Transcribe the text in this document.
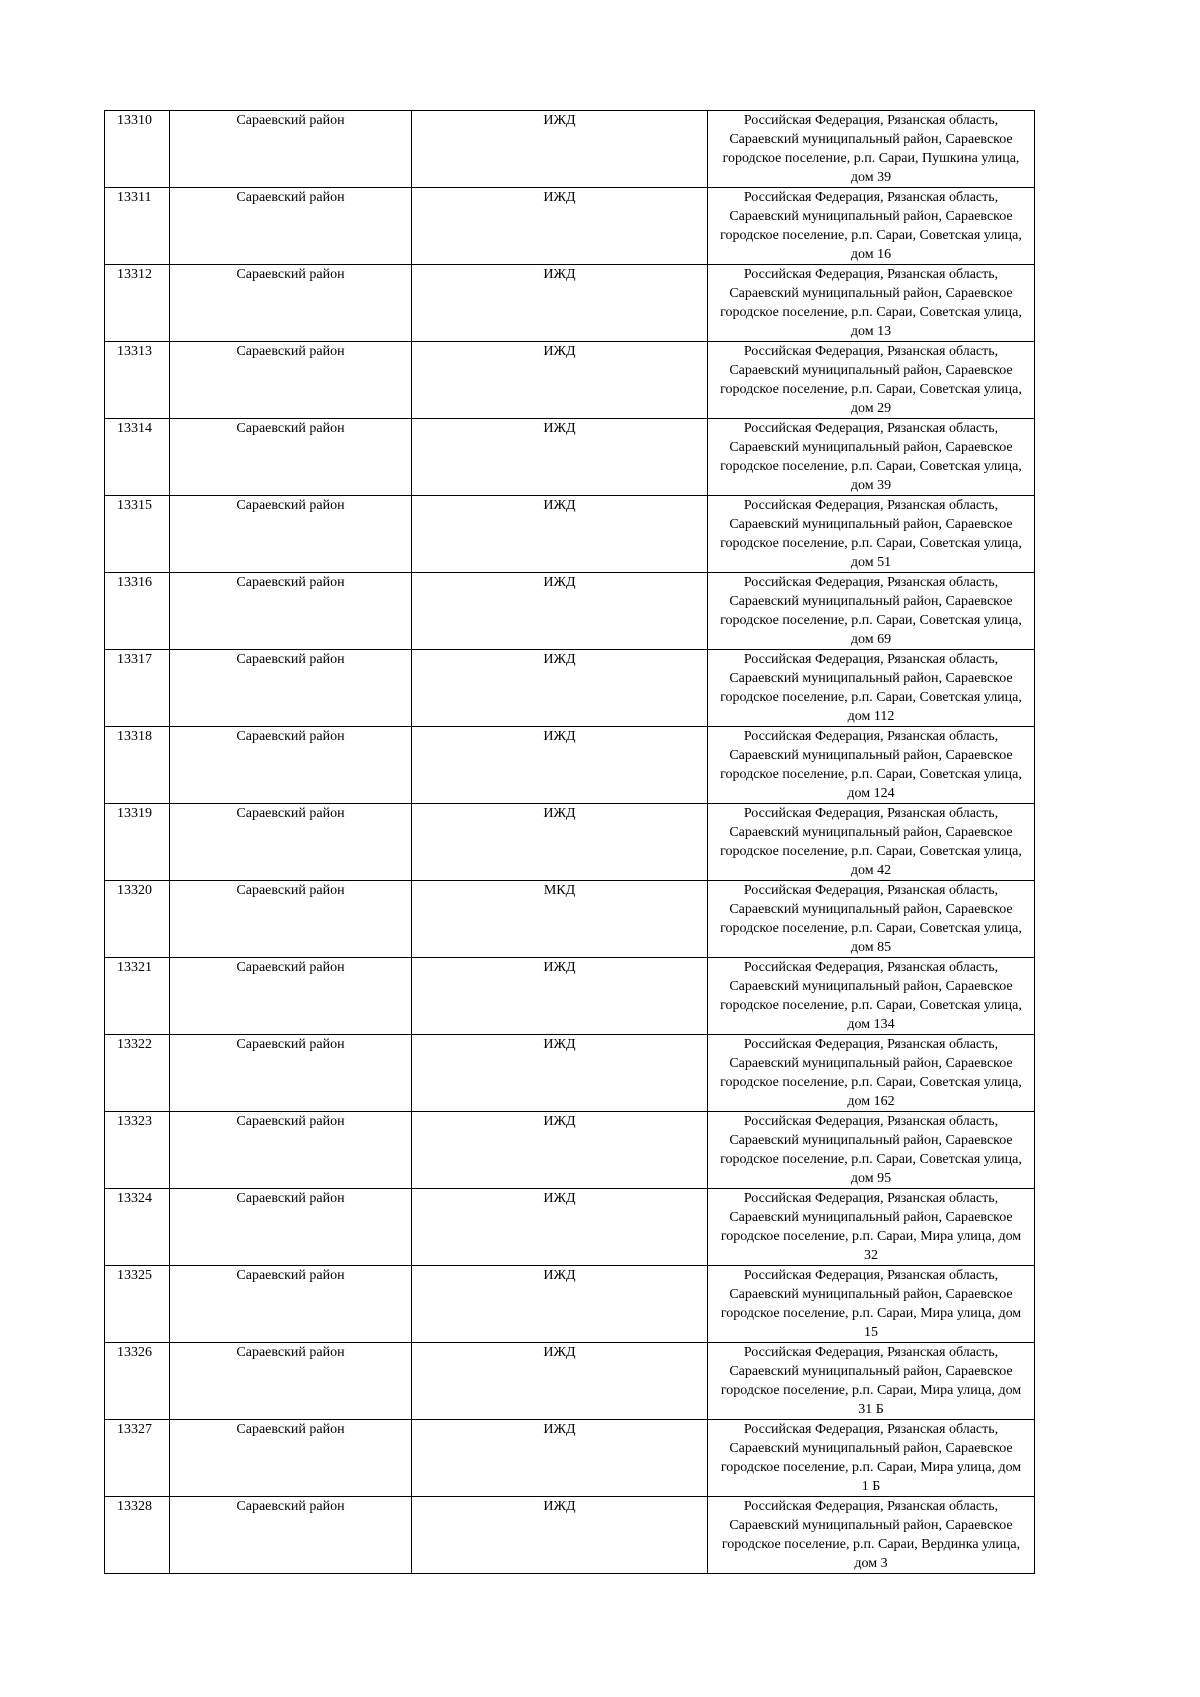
13310	Сараевский район	ИЖД	Российская Федерация, Рязанская область, Сараевский муниципальный район, Сараевское городское поселение, р.п. Сараи, Пушкина улица, дом 39
13311	Сараевский район	ИЖД	Российская Федерация, Рязанская область, Сараевский муниципальный район, Сараевское городское поселение, р.п. Сараи, Советская улица, дом 16
13312	Сараевский район	ИЖД	Российская Федерация, Рязанская область, Сараевский муниципальный район, Сараевское городское поселение, р.п. Сараи, Советская улица, дом 13
13313	Сараевский район	ИЖД	Российская Федерация, Рязанская область, Сараевский муниципальный район, Сараевское городское поселение, р.п. Сараи, Советская улица, дом 29
13314	Сараевский район	ИЖД	Российская Федерация, Рязанская область, Сараевский муниципальный район, Сараевское городское поселение, р.п. Сараи, Советская улица, дом 39
13315	Сараевский район	ИЖД	Российская Федерация, Рязанская область, Сараевский муниципальный район, Сараевское городское поселение, р.п. Сараи, Советская улица, дом 51
13316	Сараевский район	ИЖД	Российская Федерация, Рязанская область, Сараевский муниципальный район, Сараевское городское поселение, р.п. Сараи, Советская улица, дом 69
13317	Сараевский район	ИЖД	Российская Федерация, Рязанская область, Сараевский муниципальный район, Сараевское городское поселение, р.п. Сараи, Советская улица, дом 112
13318	Сараевский район	ИЖД	Российская Федерация, Рязанская область, Сараевский муниципальный район, Сараевское городское поселение, р.п. Сараи, Советская улица, дом 124
13319	Сараевский район	ИЖД	Российская Федерация, Рязанская область, Сараевский муниципальный район, Сараевское городское поселение, р.п. Сараи, Советская улица, дом 42
13320	Сараевский район	МКД	Российская Федерация, Рязанская область, Сараевский муниципальный район, Сараевское городское поселение, р.п. Сараи, Советская улица, дом 85
13321	Сараевский район	ИЖД	Российская Федерация, Рязанская область, Сараевский муниципальный район, Сараевское городское поселение, р.п. Сараи, Советская улица, дом 134
13322	Сараевский район	ИЖД	Российская Федерация, Рязанская область, Сараевский муниципальный район, Сараевское городское поселение, р.п. Сараи, Советская улица, дом 162
13323	Сараевский район	ИЖД	Российская Федерация, Рязанская область, Сараевский муниципальный район, Сараевское городское поселение, р.п. Сараи, Советская улица, дом 95
13324	Сараевский район	ИЖД	Российская Федерация, Рязанская область, Сараевский муниципальный район, Сараевское городское поселение, р.п. Сараи, Мира улица, дом 32
13325	Сараевский район	ИЖД	Российская Федерация, Рязанская область, Сараевский муниципальный район, Сараевское городское поселение, р.п. Сараи, Мира улица, дом 15
13326	Сараевский район	ИЖД	Российская Федерация, Рязанская область, Сараевский муниципальный район, Сараевское городское поселение, р.п. Сараи, Мира улица, дом 31 Б
13327	Сараевский район	ИЖД	Российская Федерация, Рязанская область, Сараевский муниципальный район, Сараевское городское поселение, р.п. Сараи, Мира улица, дом 1 Б
13328	Сараевский район	ИЖД	Российская Федерация, Рязанская область, Сараевский муниципальный район, Сараевское городское поселение, р.п. Сараи, Вердинка улица, дом 3
